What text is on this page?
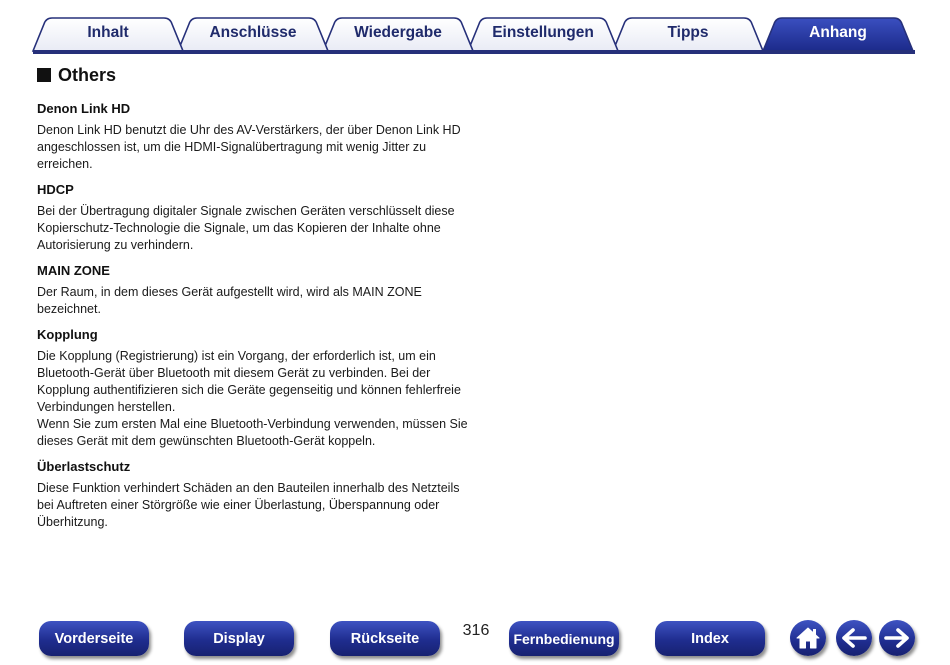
Inhalt	Anschlüsse	Wiedergabe	Einstellungen	Tipps	Anhang
Others
Denon Link HD

Denon Link HD benutzt die Uhr des AV-Verstärkers, der über Denon Link HD angeschlossen ist, um die HDMI-Signalübertragung mit wenig Jitter zu erreichen.

HDCP

Bei der Übertragung digitaler Signale zwischen Geräten verschlüsselt diese Kopierschutz-Technologie die Signale, um das Kopieren der Inhalte ohne Autorisierung zu verhindern.

MAIN ZONE

Der Raum, in dem dieses Gerät aufgestellt wird, wird als MAIN ZONE bezeichnet.

Kopplung

Die Kopplung (Registrierung) ist ein Vorgang, der erforderlich ist, um ein Bluetooth-Gerät über Bluetooth mit diesem Gerät zu verbinden. Bei der Kopplung authentifizieren sich die Geräte gegenseitig und können fehlerfreie Verbindungen herstellen.

Wenn Sie zum ersten Mal eine Bluetooth-Verbindung verwenden, müssen Sie dieses Gerät mit dem gewünschten Bluetooth-Gerät koppeln.

Überlastschutz

Diese Funktion verhindert Schäden an den Bauteilen innerhalb des Netzteils bei Auftreten einer Störgröße wie einer Überlastung, Überspannung oder Überhitzung.

Vorderseite	Display	Rückseite	316	Fernbedienung	Index
